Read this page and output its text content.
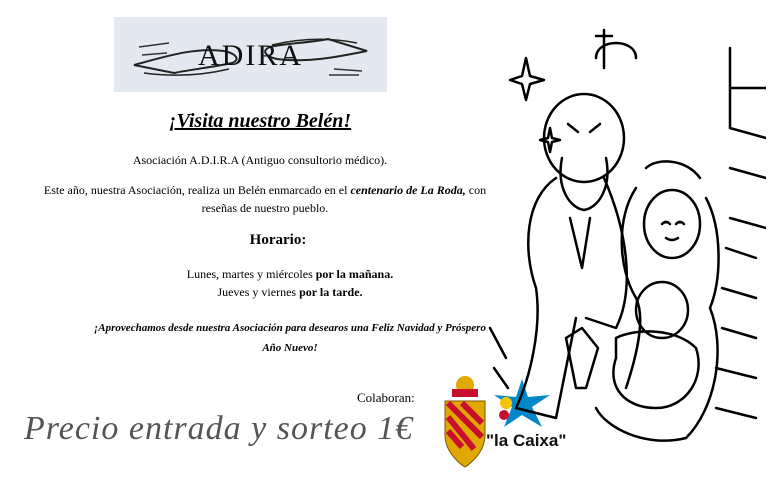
ADIRA
¡Visita nuestro Belén!
Asociación A.D.I.R.A (Antiguo consultorio médico).
Este año, nuestra Asociación, realiza un Belén enmarcado en el centenario de La Roda, con reseñas de nuestro pueblo.
Horario:
Lunes, martes y miércoles por la mañana.
Jueves y viernes por la tarde.
¡Aprovechamos desde nuestra Asociación para desearos una Feliz Navidad y Próspero Año Nuevo!
Colaboran:
Precio entrada y sorteo 1€	"la Caixa"
